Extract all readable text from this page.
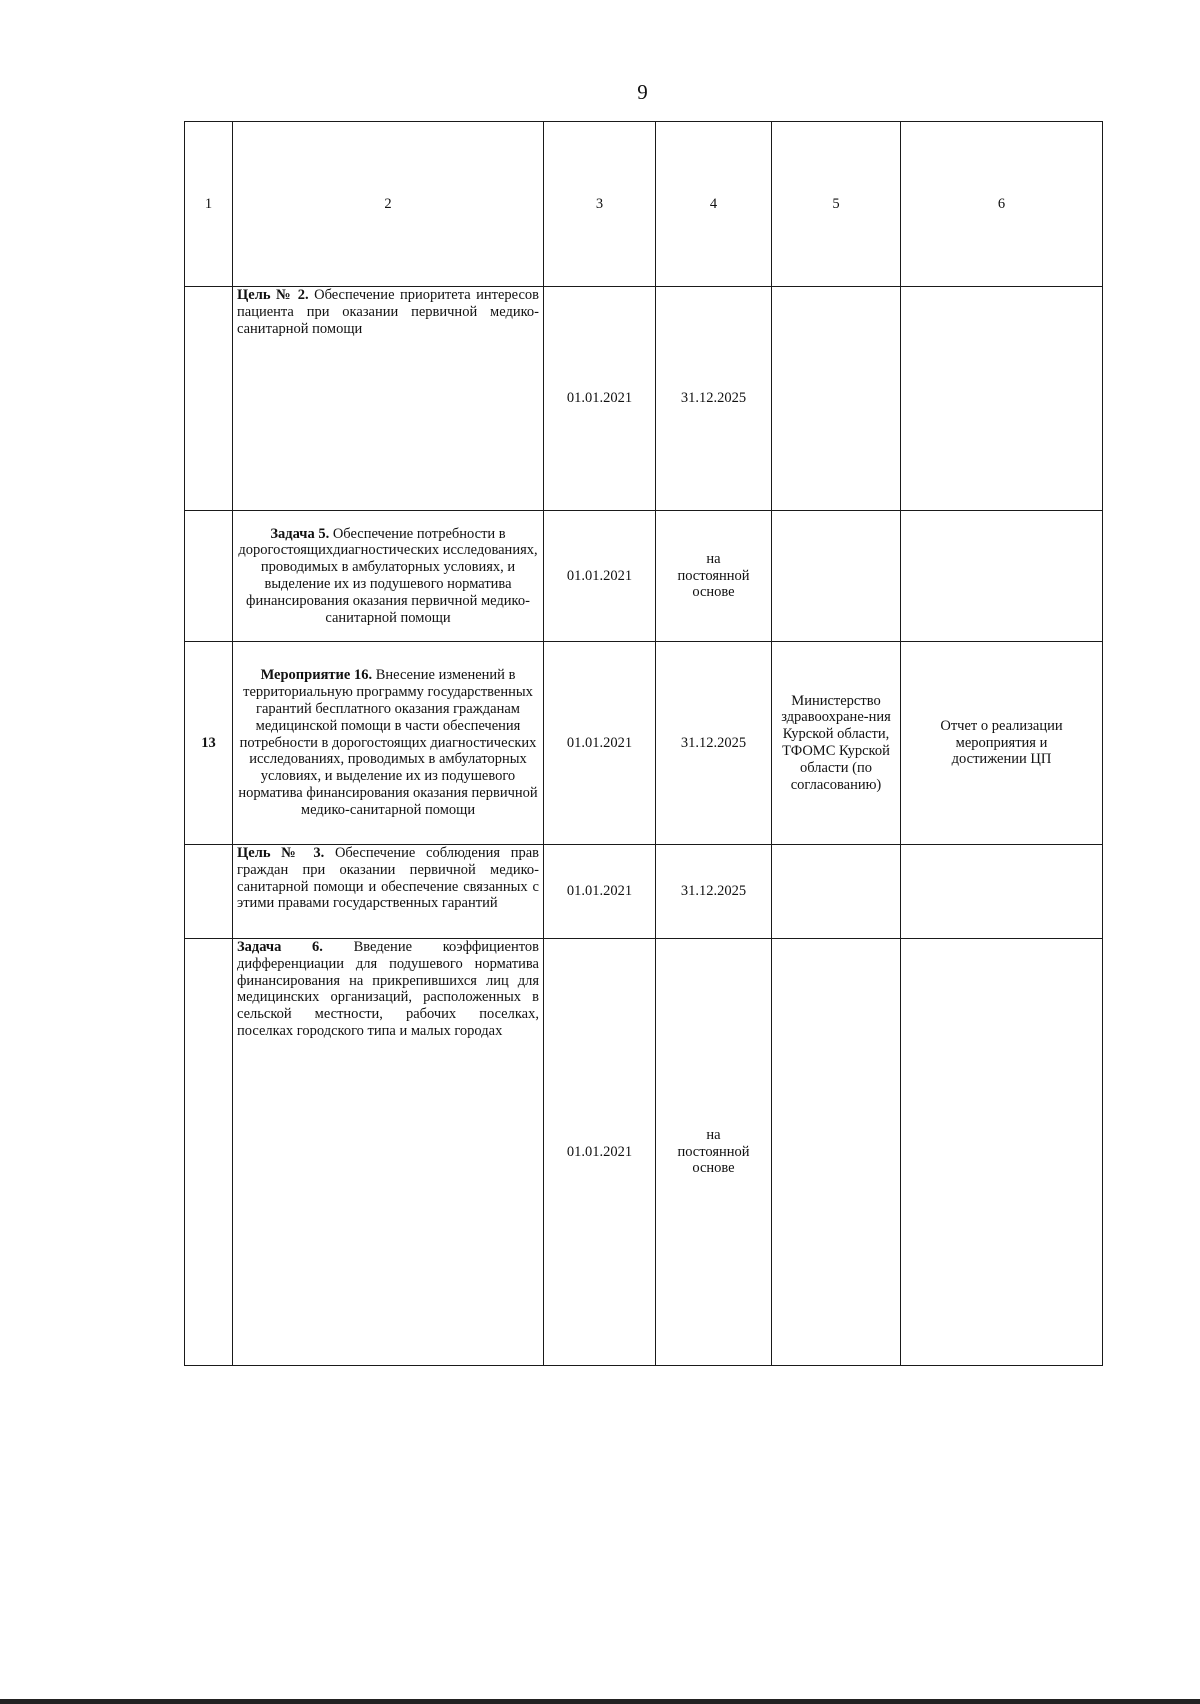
9
1	2	3	4	5	6
	Цель № 2. Обеспечение приоритета интересов пациента при оказании первичной медико-санитарной помощи	01.01.2021	31.12.2025		
	Задача 5. Обеспечение потребности в дорогостоящихдиагностических исследованиях, проводимых в амбулаторных условиях, и выделение их из подушевого норматива финансирования оказания первичной медико-санитарной помощи	01.01.2021	на постоянной основе		
13	Мероприятие 16. Внесение изменений в территориальную программу государственных гарантий бесплатного оказания гражданам медицинской помощи в части обеспечения потребности в дорогостоящих диагностических исследованиях, проводимых в амбулаторных условиях, и выделение их из подушевого норматива финансирования оказания первичной медико-санитарной помощи	01.01.2021	31.12.2025	Министерство здравоохране-ния Курской области, ТФОМС Курской области (по согласованию)	Отчет о реализации мероприятия и достижении ЦП
	Цель № 3. Обеспечение соблюдения прав граждан при оказании первичной медико-санитарной помощи и обеспечение связанных с этими правами государственных гарантий	01.01.2021	31.12.2025		
	Задача 6. Введение коэффициентов дифференциации для подушевого норматива финансирования на прикрепившихся лиц для медицинских организаций, расположенных в сельской местности, рабочих поселках, поселках городского типа и малых городах	01.01.2021	на постоянной основе		
